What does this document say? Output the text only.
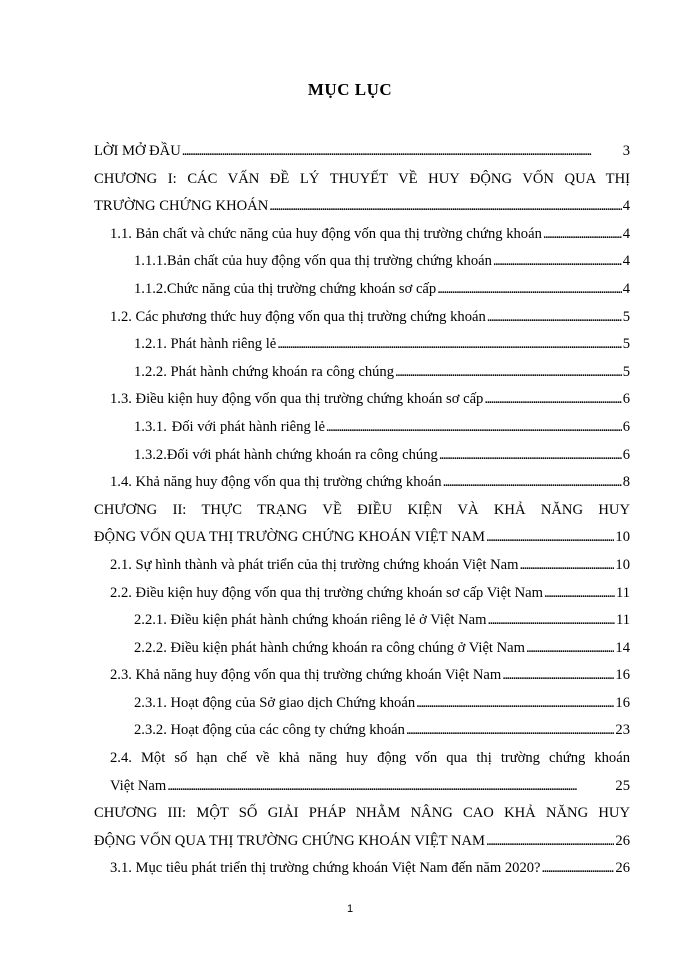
MỤC LỤC
LỜI MỞ ĐẦU . . .	3
CHƯƠNG I: CÁC VẤN ĐỀ LÝ THUYẾT VỀ HUY ĐỘNG VỐN QUA THỊ
TRƯỜNG CHỨNG KHOÁN . . .	4
1.1. Bản chất và chức năng của huy động vốn qua thị trường chứng khoán . . .	4
1.1.1. Bản chất của huy động vốn qua thị trường chứng khoán . . .	4
1.1.2. Chức năng của thị trường chứng khoán sơ cấp . . .	4
1.2. Các phương thức huy động vốn qua thị trường chứng khoán . . .	5
1.2.1. Phát hành riêng lẻ . . .	5
1.2.2. Phát hành chứng khoán ra công chúng . . .	5
1.3. Điều kiện huy động vốn qua thị trường chứng khoán sơ cấp . . .	6
1.3.1. Đối với phát hành riêng lẻ . . .	6
1.3.2. Đối với phát hành chứng khoán ra công chúng . . .	6
1.4. Khả năng huy động vốn qua thị trường chứng khoán . . .	8
CHƯƠNG II: THỰC TRẠNG VỀ ĐIỀU KIỆN VÀ KHẢ NĂNG HUY
ĐỘNG VỐN QUA THỊ TRƯỜNG CHỨNG KHOÁN VIỆT NAM . . .	10
2.1. Sự hình thành và phát triển của thị trường chứng khoán Việt Nam . . .	10
2.2. Điều kiện huy động vốn qua thị trường chứng khoán sơ cấp Việt Nam . . .	11
2.2.1. Điều kiện phát hành chứng khoán riêng lẻ ở Việt Nam . . .	11
2.2.2. Điều kiện phát hành chứng khoán ra công chúng ở Việt Nam . . .	14
2.3. Khả năng huy động vốn qua thị trường chứng khoán Việt Nam . . .	16
2.3.1. Hoạt động của Sở giao dịch Chứng khoán . . .	16
2.3.2. Hoạt động của các công ty chứng khoán . . .	23
2.4. Một số hạn chế về khả năng huy động vốn qua thị trường chứng khoán
Việt Nam . . .	25
CHƯƠNG III: MỘT SỐ GIẢI PHÁP NHẰM NÂNG CAO KHẢ NĂNG HUY
ĐỘNG VỐN QUA THỊ TRƯỜNG CHỨNG KHOÁN VIỆT NAM . . .	26
3.1. Mục tiêu phát triển thị trường chứng khoán Việt Nam đến năm 2020? . . .	26
1
